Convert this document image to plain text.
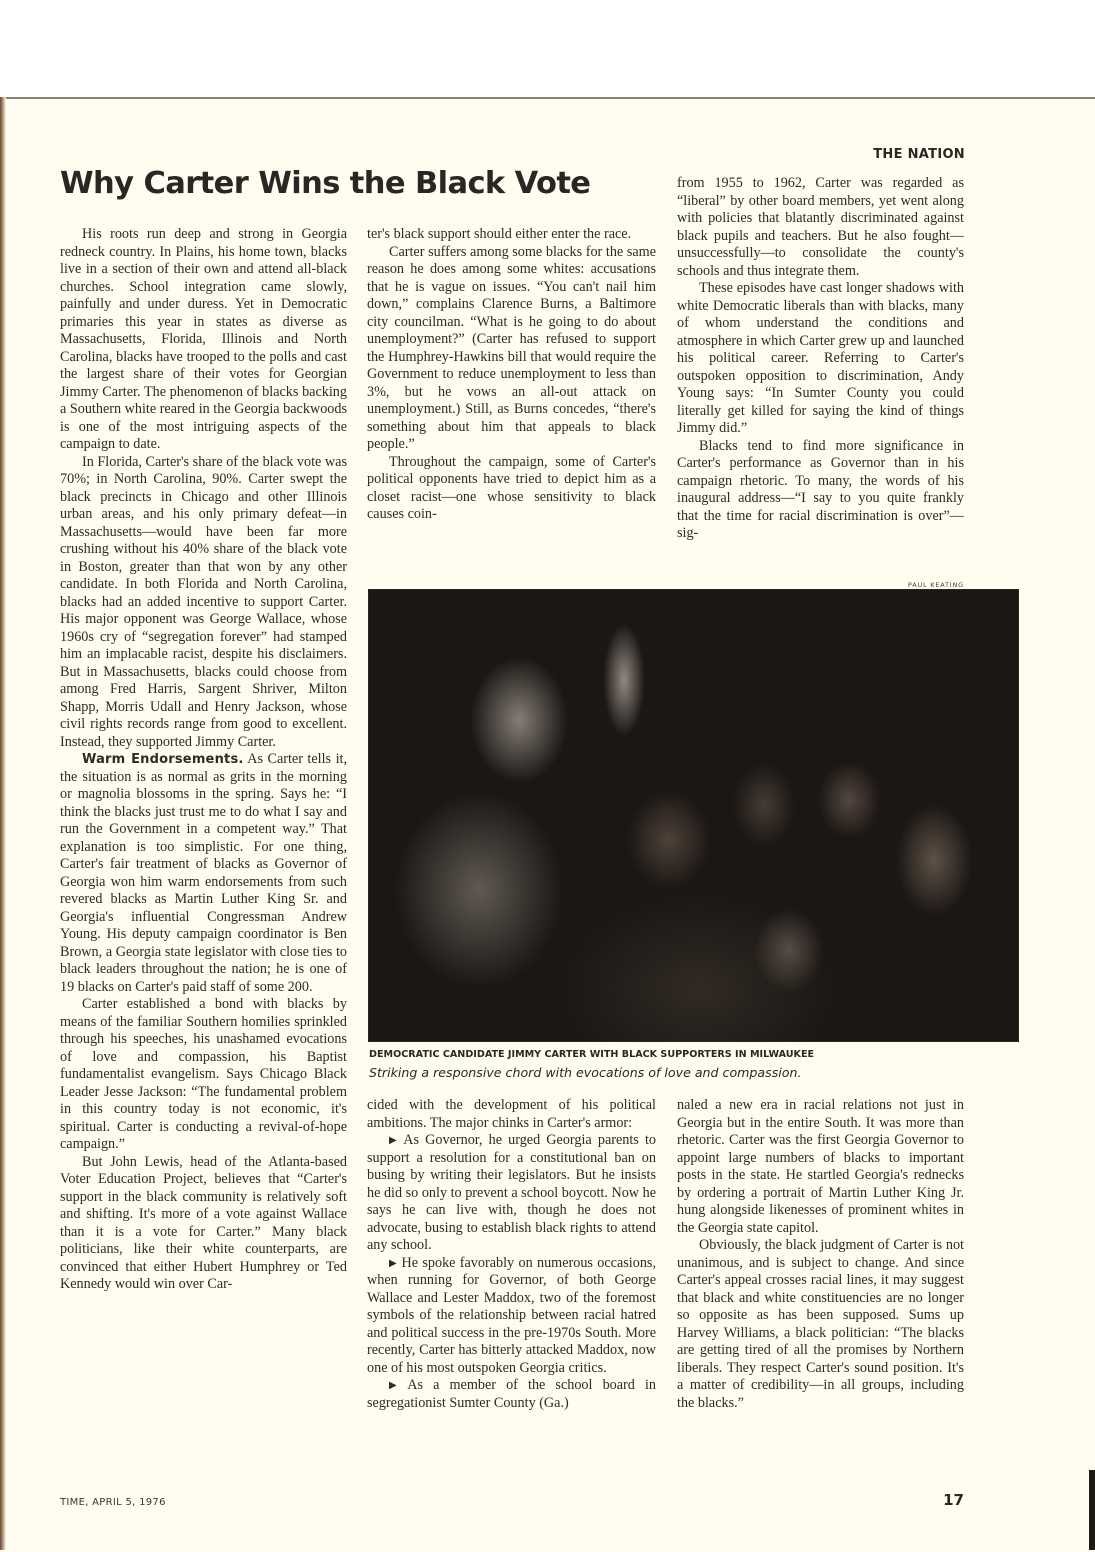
THE NATION
Why Carter Wins the Black Vote

His roots run deep and strong in Georgia redneck country. In Plains, his home town, blacks live in a section of their own and attend all-black churches. School integration came slowly, painfully and under duress. Yet in Democratic primaries this year in states as diverse as Massachusetts, Florida, Illinois and North Carolina, blacks have trooped to the polls and cast the largest share of their votes for Georgian Jimmy Carter. The phenomenon of blacks backing a Southern white reared in the Georgia backwoods is one of the most intriguing aspects of the campaign to date.

In Florida, Carter's share of the black vote was 70%; in North Carolina, 90%. Carter swept the black precincts in Chicago and other Illinois urban areas, and his only primary defeat—in Massachusetts—would have been far more crushing without his 40% share of the black vote in Boston, greater than that won by any other candidate. In both Florida and North Carolina, blacks had an added incentive to support Carter. His major opponent was George Wallace, whose 1960s cry of “segregation forever” had stamped him an implacable racist, despite his disclaimers. But in Massachusetts, blacks could choose from among Fred Harris, Sargent Shriver, Milton Shapp, Morris Udall and Henry Jackson, whose civil rights records range from good to excellent. Instead, they supported Jimmy Carter.

Warm Endorsements. As Carter tells it, the situation is as normal as grits in the morning or magnolia blossoms in the spring. Says he: “I think the blacks just trust me to do what I say and run the Government in a competent way.” That explanation is too simplistic. For one thing, Carter's fair treatment of blacks as Governor of Georgia won him warm endorsements from such revered blacks as Martin Luther King Sr. and Georgia's influential Congressman Andrew Young. His deputy campaign coordinator is Ben Brown, a Georgia state legislator with close ties to black leaders throughout the nation; he is one of 19 blacks on Carter's paid staff of some 200.

Carter established a bond with blacks by means of the familiar Southern homilies sprinkled through his speeches, his unashamed evocations of love and compassion, his Baptist fundamentalist evangelism. Says Chicago Black Leader Jesse Jackson: “The fundamental problem in this country today is not economic, it's spiritual. Carter is conducting a revival-of-hope campaign.”

But John Lewis, head of the Atlanta-based Voter Education Project, believes that “Carter's support in the black community is relatively soft and shifting. It's more of a vote against Wallace than it is a vote for Carter.” Many black politicians, like their white counterparts, are convinced that either Hubert Humphrey or Ted Kennedy would win over Car-

ter's black support should either enter the race.

Carter suffers among some blacks for the same reason he does among some whites: accusations that he is vague on issues. “You can't nail him down,” complains Clarence Burns, a Baltimore city councilman. “What is he going to do about unemployment?” (Carter has refused to support the Humphrey-Hawkins bill that would require the Government to reduce unemployment to less than 3%, but he vows an all-out attack on unemployment.) Still, as Burns concedes, “there's something about him that appeals to black people.”

Throughout the campaign, some of Carter's political opponents have tried to depict him as a closet racist—one whose sensitivity to black causes coin-

from 1955 to 1962, Carter was regarded as “liberal” by other board members, yet went along with policies that blatantly discriminated against black pupils and teachers. But he also fought—unsuccessfully—to consolidate the county's schools and thus integrate them.

These episodes have cast longer shadows with white Democratic liberals than with blacks, many of whom understand the conditions and atmosphere in which Carter grew up and launched his political career. Referring to Carter's outspoken opposition to discrimination, Andy Young says: “In Sumter County you could literally get killed for saying the kind of things Jimmy did.”

Blacks tend to find more significance in Carter's performance as Governor than in his campaign rhetoric. To many, the words of his inaugural address—“I say to you quite frankly that the time for racial discrimination is over”—sig-

PAUL KEATING
DEMOCRATIC CANDIDATE JIMMY CARTER WITH BLACK SUPPORTERS IN MILWAUKEE
Striking a responsive chord with evocations of love and compassion.

cided with the development of his political ambitions. The major chinks in Carter's armor:

▶ As Governor, he urged Georgia parents to support a resolution for a constitutional ban on busing by writing their legislators. But he insists he did so only to prevent a school boycott. Now he says he can live with, though he does not advocate, busing to establish black rights to attend any school.

▶ He spoke favorably on numerous occasions, when running for Governor, of both George Wallace and Lester Maddox, two of the foremost symbols of the relationship between racial hatred and political success in the pre-1970s South. More recently, Carter has bitterly attacked Maddox, now one of his most outspoken Georgia critics.

▶ As a member of the school board in segregationist Sumter County (Ga.)

naled a new era in racial relations not just in Georgia but in the entire South. It was more than rhetoric. Carter was the first Georgia Governor to appoint large numbers of blacks to important posts in the state. He startled Georgia's rednecks by ordering a portrait of Martin Luther King Jr. hung alongside likenesses of prominent whites in the Georgia state capitol.

Obviously, the black judgment of Carter is not unanimous, and is subject to change. And since Carter's appeal crosses racial lines, it may suggest that black and white constituencies are no longer so opposite as has been supposed. Sums up Harvey Williams, a black politician: “The blacks are getting tired of all the promises by Northern liberals. They respect Carter's sound position. It's a matter of credibility—in all groups, including the blacks.”

TIME, APRIL 5, 1976	17
